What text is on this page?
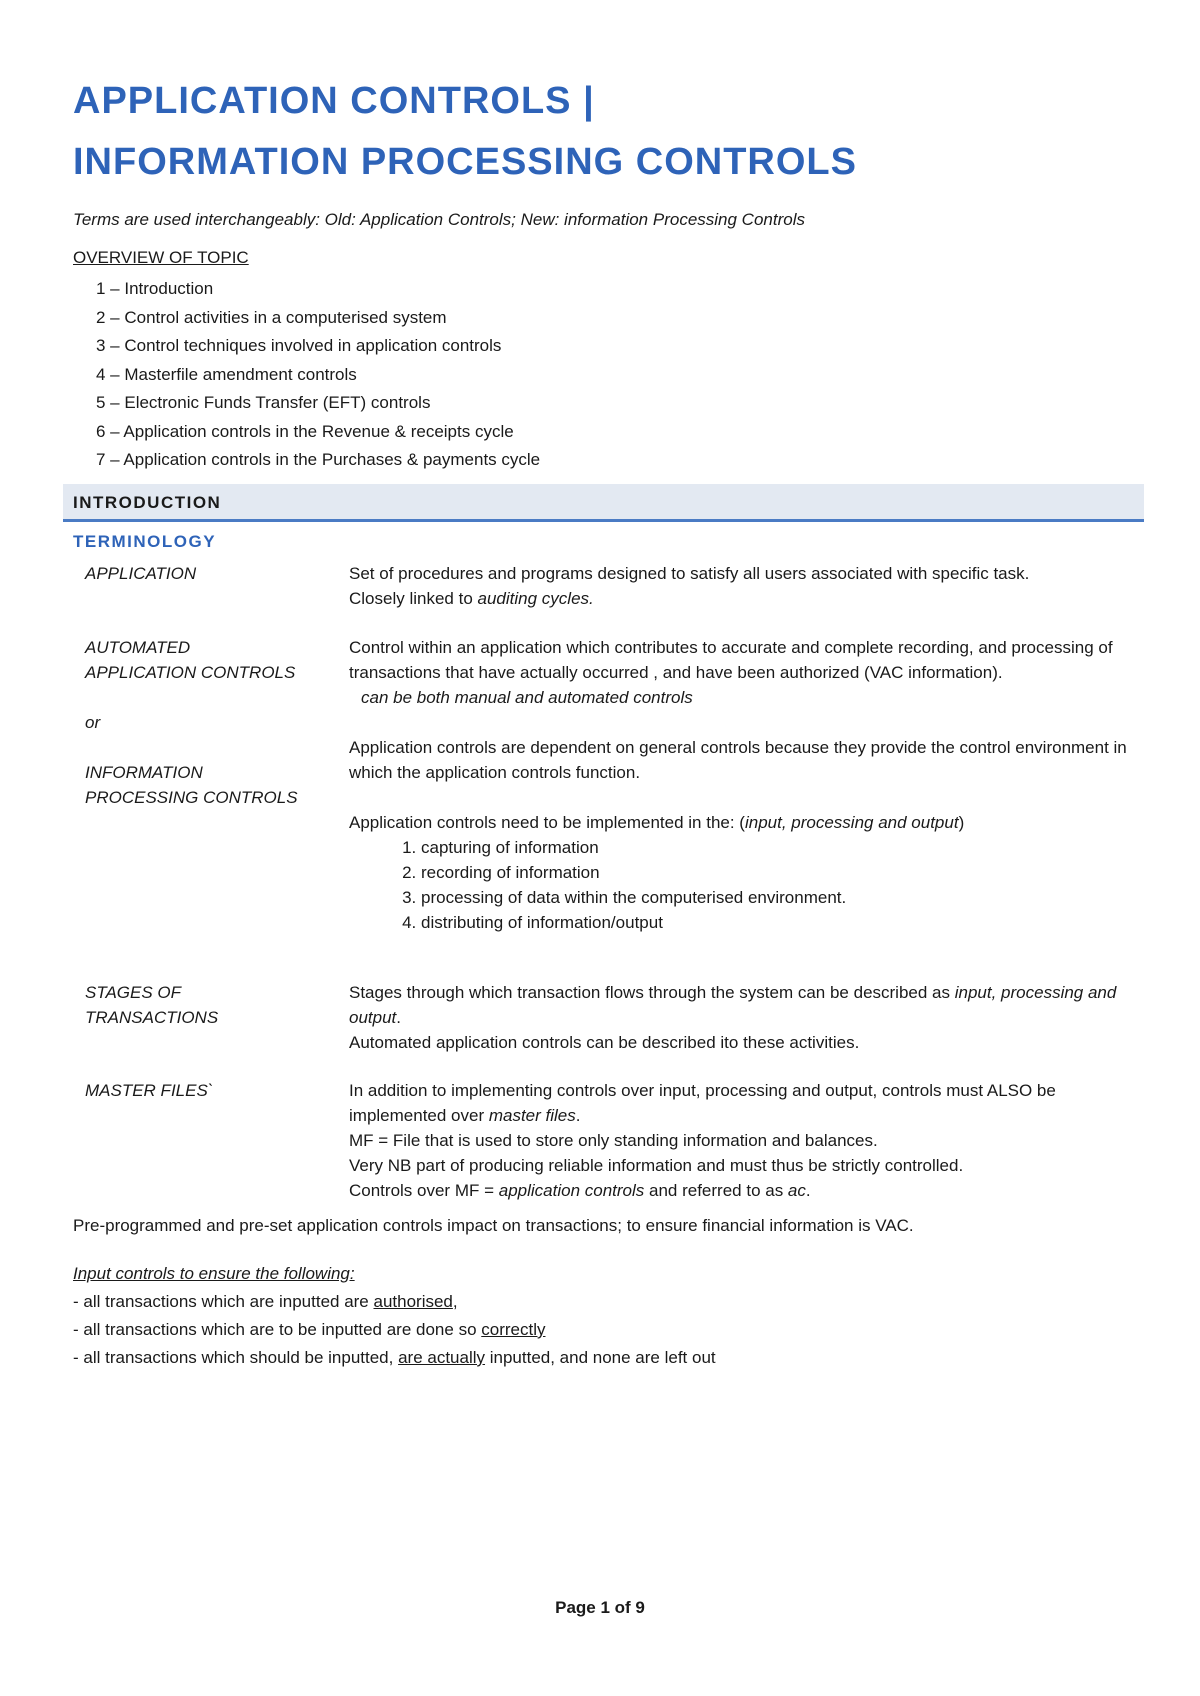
APPLICATION CONTROLS |
INFORMATION PROCESSING CONTROLS

Terms are used interchangeably: Old: Application Controls; New: information Processing Controls

OVERVIEW OF TOPIC

1 – Introduction
2 – Control activities in a computerised system
3 – Control techniques involved in application controls
4 – Masterfile amendment controls
5 – Electronic Funds Transfer (EFT) controls
6 – Application controls in the Revenue & receipts cycle
7 – Application controls in the Purchases & payments cycle
INTRODUCTION

TERMINOLOGY

APPLICATION	Set of procedures and programs designed to satisfy all users associated with specific task.

Closely linked to auditing cycles.

AUTOMATED
APPLICATION CONTROLS
or
INFORMATION
PROCESSING CONTROLS

Control within an application which contributes to accurate and complete recording, and processing of transactions that have actually occurred , and have been authorized (VAC information).

can be both manual and automated controls

Application controls are dependent on general controls because they provide the control environment in which the application controls function.

Application controls need to be implemented in the: (input, processing and output)

1. capturing of information
2. recording of information
3. processing of data within the computerised environment.
4. distributing of information/output
STAGES OF
TRANSACTIONS

Stages through which transaction flows through the system can be described as input, processing and output.

Automated application controls can be described ito these activities.

MASTER FILES`	In addition to implementing controls over input, processing and output, controls must ALSO be implemented over master files.

MF = File that is used to store only standing information and balances.

Very NB part of producing reliable information and must thus be strictly controlled.

Controls over MF = application controls and referred to as ac.

Pre-programmed and pre-set application controls impact on transactions; to ensure financial information is VAC.

Input controls to ensure the following:

- all transactions which are inputted are authorised,

- all transactions which are to be inputted are done so correctly

- all transactions which should be inputted, are actually inputted, and none are left out

Page 1 of 9
